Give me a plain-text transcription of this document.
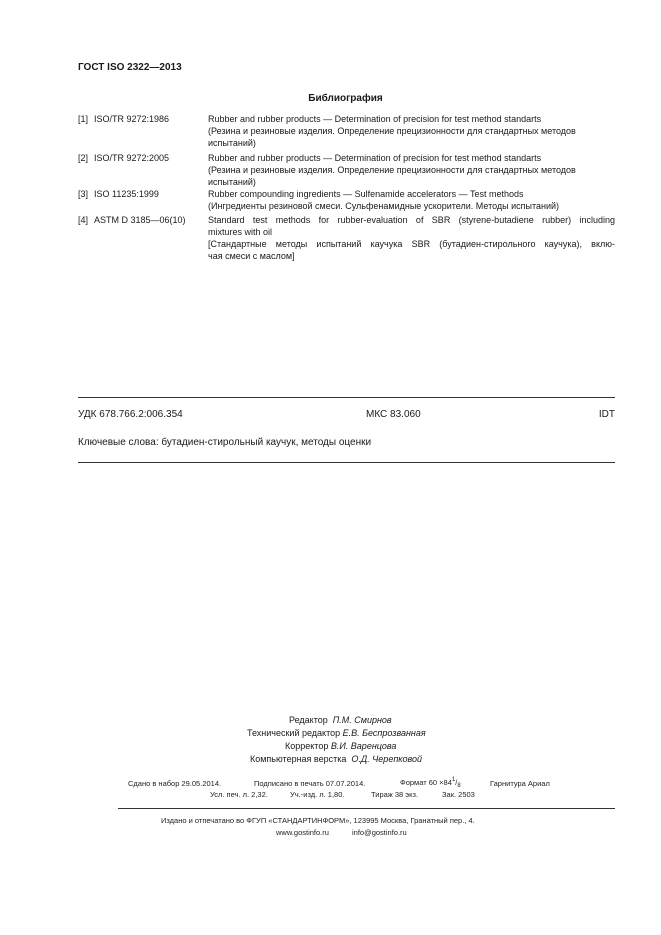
ГОСТ ISO 2322—2013
Библиография
[1] ISO/TR 9272:1986	Rubber and rubber products — Determination of precision for test method standarts
(Резина и резиновые изделия. Определение прецизионности для стандартных методов
испытаний)
[2] ISO/TR 9272:2005	Rubber and rubber products — Determination of precision for test method standarts
(Резина и резиновые изделия. Определение прецизионности для стандартных методов
испытаний)
[3] ISO 11235:1999	Rubber compounding ingredients — Sulfenamide accelerators — Test methods
(Ингредиенты резиновой смеси. Сульфенамидные ускорители. Методы испытаний)
[4] ASTM D 3185—06(10) Standard test methods for rubber-evaluation of SBR (styrene-butadiene rubber) including
mixtures with oil
[Стандартные методы испытаний каучука SBR (бутадиен-стирольного каучука), вклю-
чая смеси с маслом]
УДК 678.766.2:006.354	МКС 83.060	IDT
Ключевые слова: бутадиен-стирольный каучук, методы оценки
Редактор П.М. Смирнов
Технический редактор Е.В. Беспрозванная
Корректор В.И. Варенцова
Компьютерная верстка О.Д. Черепковой
Сдано в набор 29.05.2014.	Подписано в печать 07.07.2014.	Формат $60 \times 84^1/_8$	Гарнитура Ариал
Усл. печ. л. 2,32.	Уч.-изд. л. 1,80.	Тираж 38 экз.	Зак. 2503
Издано и отпечатано во ФГУП «СТАНДАРТИНФОРМ», 123995 Москва, Гранатный пер., 4.
www.gostinfo.ru	info@gostinfo.ru
